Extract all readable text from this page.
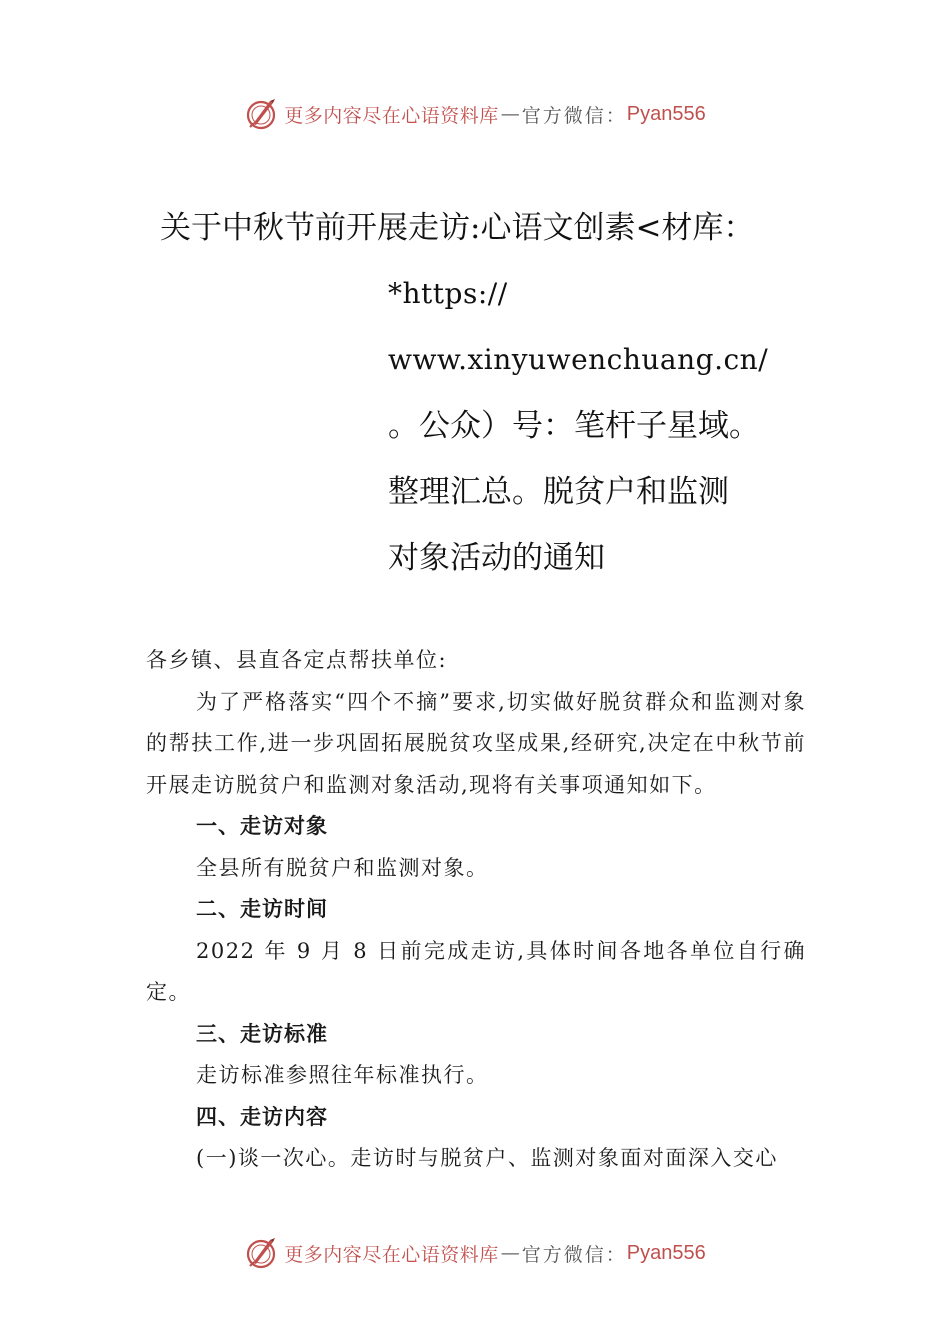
更多内容尽在心语资料库 — 官方微信： Pyan556
关于中秋节前开展走访:心语文创素<材库：
*https://
www.xinyuwenchuang.cn/
。公众）号：笔杆子星域。
整理汇总。脱贫户和监测
对象活动的通知

各乡镇、县直各定点帮扶单位:

为了严格落实“四个不摘”要求,切实做好脱贫群众和监测对象的帮扶工作,进一步巩固拓展脱贫攻坚成果,经研究,决定在中秋节前开展走访脱贫户和监测对象活动,现将有关事项通知如下。

一、走访对象

全县所有脱贫户和监测对象。

二、走访时间

2022 年 9 月 8 日前完成走访,具体时间各地各单位自行确定。

三、走访标准

走访标准参照往年标准执行。

四、走访内容

(一)谈一次心。走访时与脱贫户、监测对象面对面深入交心

更多内容尽在心语资料库 — 官方微信： Pyan556
